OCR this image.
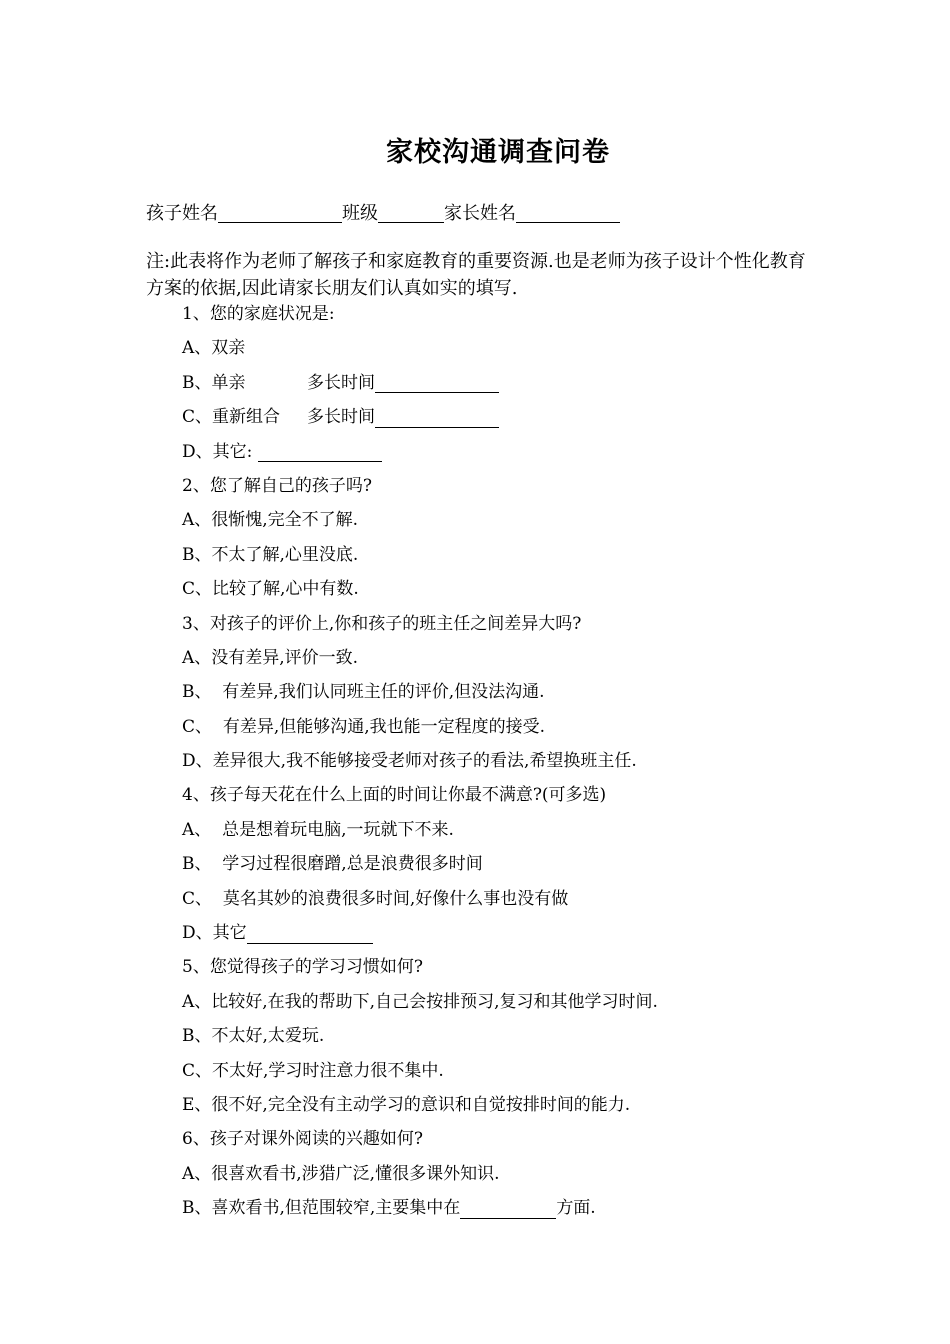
家校沟通调查问卷
孩子姓名	班级	家长姓名
注:此表将作为老师了解孩子和家庭教育的重要资源.也是老师为孩子设计个性化教育方案的依据,因此请家长朋友们认真如实的填写.
1、您的家庭状况是:
A、双亲
B、单亲	多长时间
C、重新组合	多长时间
D、其它:
2、您了解自己的孩子吗?
A、很惭愧,完全不了解.
B、不太了解,心里没底.
C、比较了解,心中有数.
3、对孩子的评价上,你和孩子的班主任之间差异大吗?
A、没有差异,评价一致.
B、  有差异,我们认同班主任的评价,但没法沟通.
C、  有差异,但能够沟通,我也能一定程度的接受.
D、差异很大,我不能够接受老师对孩子的看法,希望换班主任.
4、孩子每天花在什么上面的时间让你最不满意?(可多选)
A、  总是想着玩电脑,一玩就下不来.
B、  学习过程很磨蹭,总是浪费很多时间
C、  莫名其妙的浪费很多时间,好像什么事也没有做
D、其它
5、您觉得孩子的学习习惯如何?
A、比较好,在我的帮助下,自己会按排预习,复习和其他学习时间.
B、不太好,太爱玩.
C、不太好,学习时注意力很不集中.
E、很不好,完全没有主动学习的意识和自觉按排时间的能力.
6、孩子对课外阅读的兴趣如何?
A、很喜欢看书,涉猎广泛,懂很多课外知识.
B、喜欢看书,但范围较窄,主要集中在	方面.
